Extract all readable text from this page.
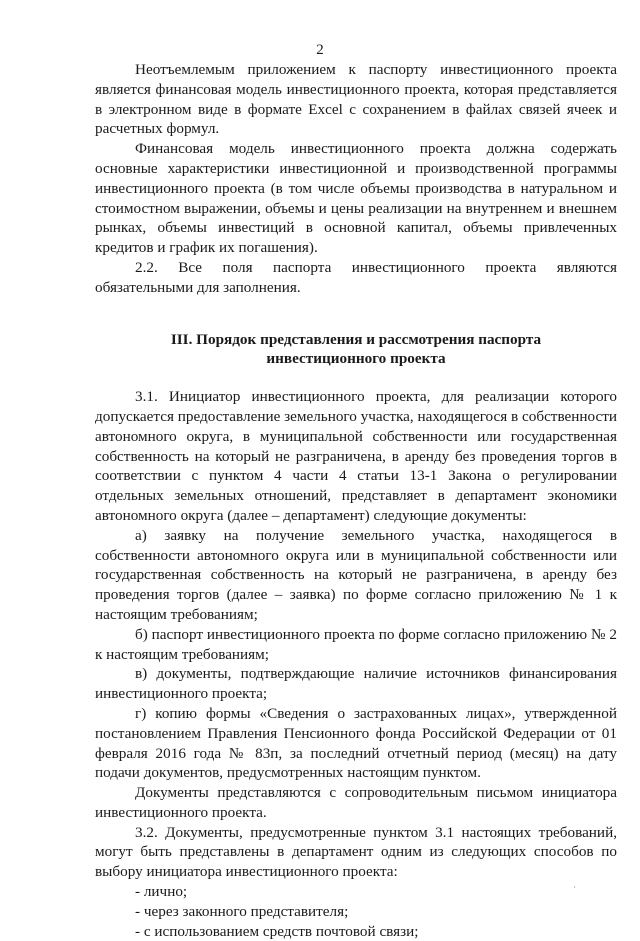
2

Неотъемлемым приложением к паспорту инвестиционного проекта является финансовая модель инвестиционного проекта, которая представляется в электронном виде в формате Excel с сохранением в файлах связей ячеек и расчетных формул.

Финансовая модель инвестиционного проекта должна содержать основные характеристики инвестиционной и производственной программы инвестиционного проекта (в том числе объемы производства в натуральном и стоимостном выражении, объемы и цены реализации на внутреннем и внешнем рынках, объемы инвестиций в основной капитал, объемы привлеченных кредитов и график их погашения).

2.2. Все поля паспорта инвестиционного проекта являются обязательными для заполнения.

III. Порядок представления и рассмотрения паспорта инвестиционного проекта

3.1. Инициатор инвестиционного проекта, для реализации которого допускается предоставление земельного участка, находящегося в собственности автономного округа, в муниципальной собственности или государственная собственность на который не разграничена, в аренду без проведения торгов в соответствии с пунктом 4 части 4 статьи 13-1 Закона о регулировании отдельных земельных отношений, представляет в департамент экономики автономного округа (далее – департамент) следующие документы:

а) заявку на получение земельного участка, находящегося в собственности автономного округа или в муниципальной собственности или государственная собственность на который не разграничена, в аренду без проведения торгов (далее – заявка) по форме согласно приложению № 1 к настоящим требованиям;

б) паспорт инвестиционного проекта по форме согласно приложению № 2 к настоящим требованиям;

в) документы, подтверждающие наличие источников финансирования инвестиционного проекта;

г) копию формы «Сведения о застрахованных лицах», утвержденной постановлением Правления Пенсионного фонда Российской Федерации от 01 февраля 2016 года № 83п, за последний отчетный период (месяц) на дату подачи документов, предусмотренных настоящим пунктом.

Документы представляются с сопроводительным письмом инициатора инвестиционного проекта.

3.2. Документы, предусмотренные пунктом 3.1 настоящих требований, могут быть представлены в департамент одним из следующих способов по выбору инициатора инвестиционного проекта:

- лично;

- через законного представителя;

- с использованием средств почтовой связи;

·
